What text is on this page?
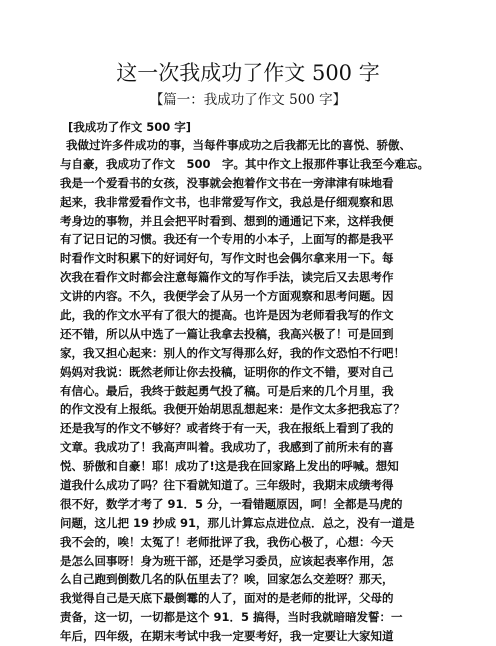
这一次我成功了作文 500 字
【篇一：我成功了作文 500 字】
[我成功了作文 500 字]
我做过许多件成功的事，当每件事成功之后我都无比的喜悦、骄傲、
与自豪，我成功了作文　500　字。其中作文上报那件事让我至今难忘。
我是一个爱看书的女孩，没事就会抱着作文书在一旁津津有味地看
起来，我非常爱看作文书，也非常爱写作文，我总是仔细观察和思
考身边的事物，并且会把平时看到、想到的通通记下来，这样我便
有了记日记的习惯。我还有一个专用的小本子，上面写的都是我平
时看作文时积累下的好词好句，写作文时也会偶尔拿来用一下。每
次我在看作文时都会注意每篇作文的写作手法，读完后又去思考作
文讲的内容。不久，我便学会了从另一个方面观察和思考问题。因
此，我的作文水平有了很大的提高。也许是因为老师看我写的作文
还不错，所以从中选了一篇让我拿去投稿，我高兴极了！可是回到
家，我又担心起来：别人的作文写得那么好，我的作文恐怕不行吧！
妈妈对我说：既然老师让你去投稿，证明你的作文不错，要对自己
有信心。最后，我终于鼓起勇气投了稿。可是后来的几个月里，我
的作文没有上报纸。我便开始胡思乱想起来：是作文太多把我忘了？
还是我写的作文不够好？或者终于有一天，我在报纸上看到了我的
文章。我成功了！我高声叫着。我成功了，我感到了前所未有的喜
悦、骄傲和自豪！耶！成功了!这是我在回家路上发出的呼喊。想知
道我什么成功了吗？往下看就知道了。三年级时，我期末成绩考得
很不好，数学才考了 91．5 分，一看错题原因，呵！全都是马虎的
问题，这儿把 19 抄成 91，那儿计算忘点进位点．总之，没有一道是
我不会的，唉！太冤了！老师批评了我，我伤心极了，心想：今天
是怎么回事呀！身为班干部，还是学习委员，应该起表率作用，怎
么自己跑到倒数几名的队伍里去了？唉，回家怎么交差呀？那天，
我觉得自己是天底下最倒霉的人了，面对的是老师的批评，父母的
责备，这一切，一切都是这个 91．5 搞得，当时我就暗暗发誓：一
年后，四年级，在期末考试中我一定要考好，我一定要让大家知道
